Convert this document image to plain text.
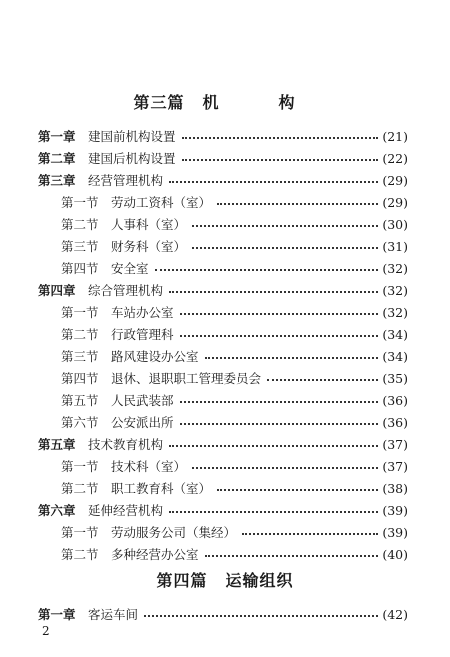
第三篇 机　构
第一章 建国前机构设置	(21)
第二章 建国后机构设置	(22)
第三章 经营管理机构	(29)
第一节 劳动工资科（室）	(29)
第二节 人事科（室）	(30)
第三节 财务科（室）	(31)
第四节 安全室	(32)
第四章 综合管理机构	(32)
第一节 车站办公室	(32)
第二节 行政管理科	(34)
第三节 路风建设办公室	(34)
第四节 退休、退职职工管理委员会	(35)
第五节 人民武装部	(36)
第六节 公安派出所	(36)
第五章 技术教育机构	(37)
第一节 技术科（室）	(37)
第二节 职工教育科（室）	(38)
第六章 延伸经营机构	(39)
第一节 劳动服务公司（集经）	(39)
第二节 多种经营办公室	(40)
第四篇 运输组织
第一章 客运车间	(42)
2
